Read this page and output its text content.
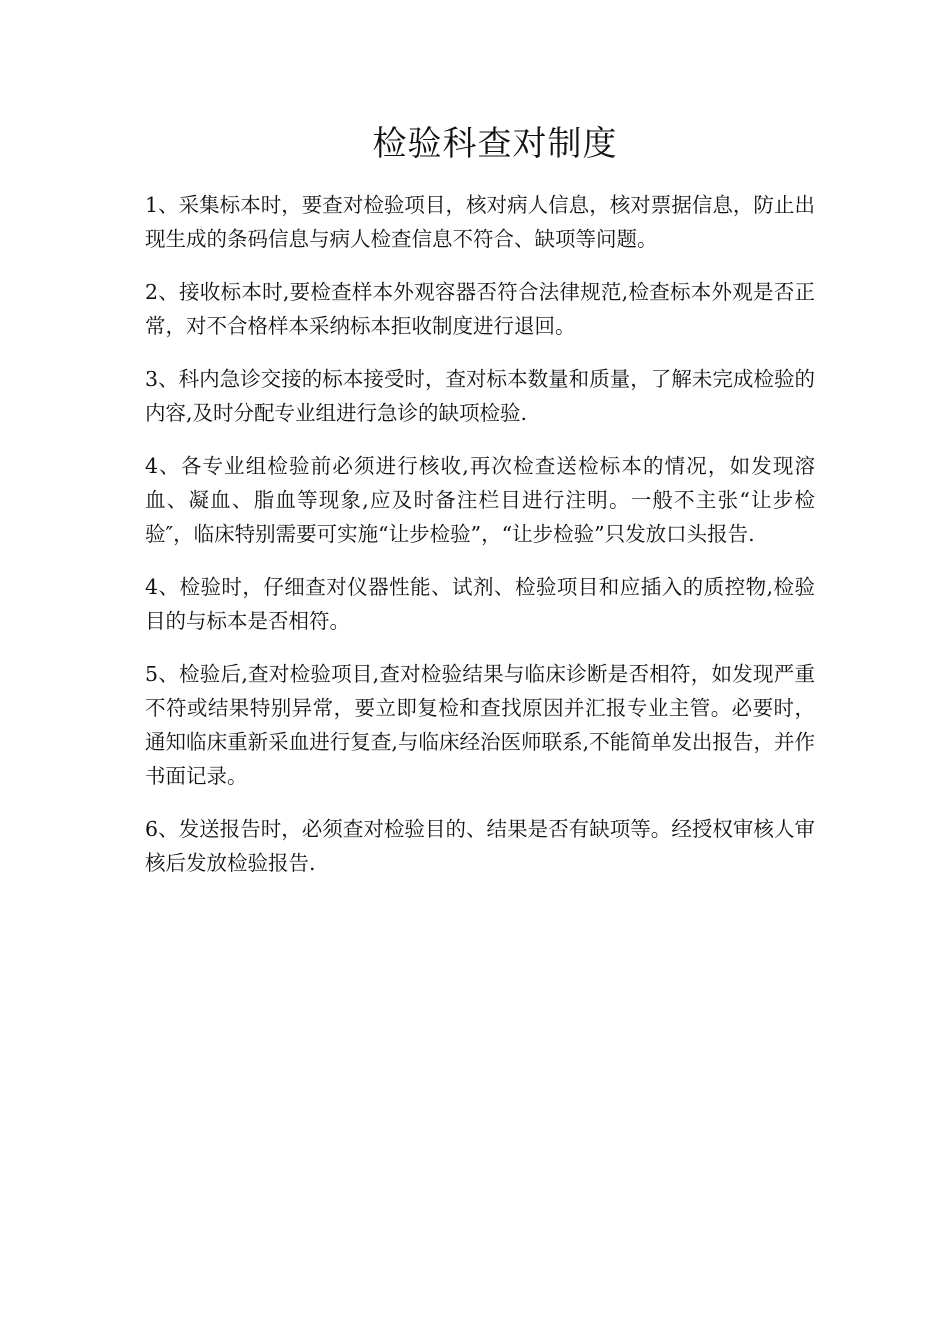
检验科查对制度

1、采集标本时，要查对检验项目，核对病人信息，核对票据信息，防止出现生成的条码信息与病人检查信息不符合、缺项等问题。

2、接收标本时,要检查样本外观容器否符合法律规范,检查标本外观是否正常，对不合格样本采纳标本拒收制度进行退回。

3、科内急诊交接的标本接受时，查对标本数量和质量，了解未完成检验的内容,及时分配专业组进行急诊的缺项检验.

4、各专业组检验前必须进行核收,再次检查送检标本的情况，如发现溶血、凝血、脂血等现象,应及时备注栏目进行注明。一般不主张“让步检验″，临床特别需要可实施“让步检验”，“让步检验”只发放口头报告.

4、检验时，仔细查对仪器性能、试剂、检验项目和应插入的质控物,检验目的与标本是否相符。

5、检验后,查对检验项目,查对检验结果与临床诊断是否相符，如发现严重不符或结果特别异常，要立即复检和查找原因并汇报专业主管。必要时，通知临床重新采血进行复查,与临床经治医师联系,不能简单发出报告，并作书面记录。

6、发送报告时，必须查对检验目的、结果是否有缺项等。经授权审核人审核后发放检验报告.
